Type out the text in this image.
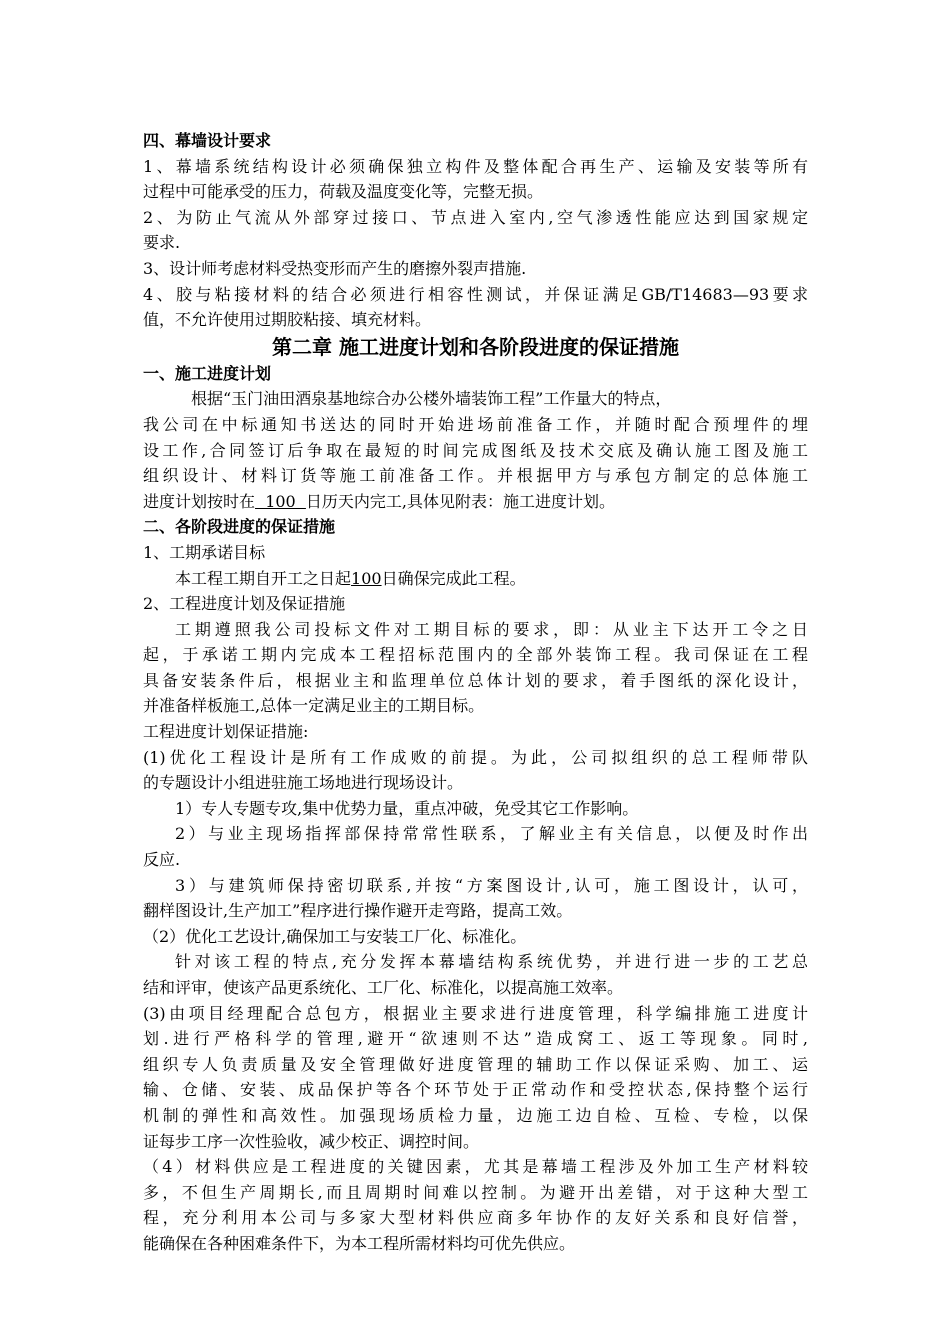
四、幕墙设计要求
1、幕墙系统结构设计必须确保独立构件及整体配合再生产、运输及安装等所有
过程中可能承受的压力，荷载及温度变化等，完整无损。
2、为防止气流从外部穿过接口、节点进入室内,空气渗透性能应达到国家规定
要求.
3、设计师考虑材料受热变形而产生的磨擦外裂声措施.
4、胶与粘接材料的结合必须进行相容性测试，并保证满足GB/T14683—93要求
值，不允许使用过期胶粘接、填充材料。
第二章 施工进度计划和各阶段进度的保证措施
一、施工进度计划
根据“玉门油田酒泉基地综合办公楼外墙装饰工程”工作量大的特点，
我公司在中标通知书送达的同时开始进场前准备工作，并随时配合预埋件的埋
设工作,合同签订后争取在最短的时间完成图纸及技术交底及确认施工图及施工
组织设计、材料订货等施工前准备工作。并根据甲方与承包方制定的总体施工
进度计划按时在  100  日历天内完工,具体见附表：施工进度计划。
二、各阶段进度的保证措施
1、工期承诺目标
本工程工期自开工之日起100日确保完成此工程。
2、工程进度计划及保证措施
工期遵照我公司投标文件对工期目标的要求，即：从业主下达开工令之日
起，于承诺工期内完成本工程招标范围内的全部外装饰工程。我司保证在工程
具备安装条件后，根据业主和监理单位总体计划的要求，着手图纸的深化设计，
并准备样板施工,总体一定满足业主的工期目标。
工程进度计划保证措施:
(1)优化工程设计是所有工作成败的前提。为此，公司拟组织的总工程师带队
的专题设计小组进驻施工场地进行现场设计。
1）专人专题专攻,集中优势力量，重点冲破，免受其它工作影响。
2）与业主现场指挥部保持常常性联系，了解业主有关信息，以便及时作出
反应.
3）与建筑师保持密切联系,并按“方案图设计,认可，施工图设计，认可，
翻样图设计,生产加工”程序进行操作避开走弯路，提高工效。
（2）优化工艺设计,确保加工与安装工厂化、标准化。
针对该工程的特点,充分发挥本幕墙结构系统优势，并进行进一步的工艺总
结和评审，使该产品更系统化、工厂化、标准化，以提高施工效率。
(3)由项目经理配合总包方，根据业主要求进行进度管理，科学编排施工进度计
划.进行严格科学的管理,避开“欲速则不达”造成窝工、返工等现象。同时,
组织专人负责质量及安全管理做好进度管理的辅助工作以保证采购、加工、运
输、仓储、安装、成品保护等各个环节处于正常动作和受控状态,保持整个运行
机制的弹性和高效性。加强现场质检力量，边施工边自检、互检、专检，以保
证每步工序一次性验收，减少校正、调控时间。
（4）材料供应是工程进度的关键因素，尤其是幕墙工程涉及外加工生产材料较
多，不但生产周期长,而且周期时间难以控制。为避开出差错，对于这种大型工
程，充分利用本公司与多家大型材料供应商多年协作的友好关系和良好信誉，
能确保在各种困难条件下，为本工程所需材料均可优先供应。
